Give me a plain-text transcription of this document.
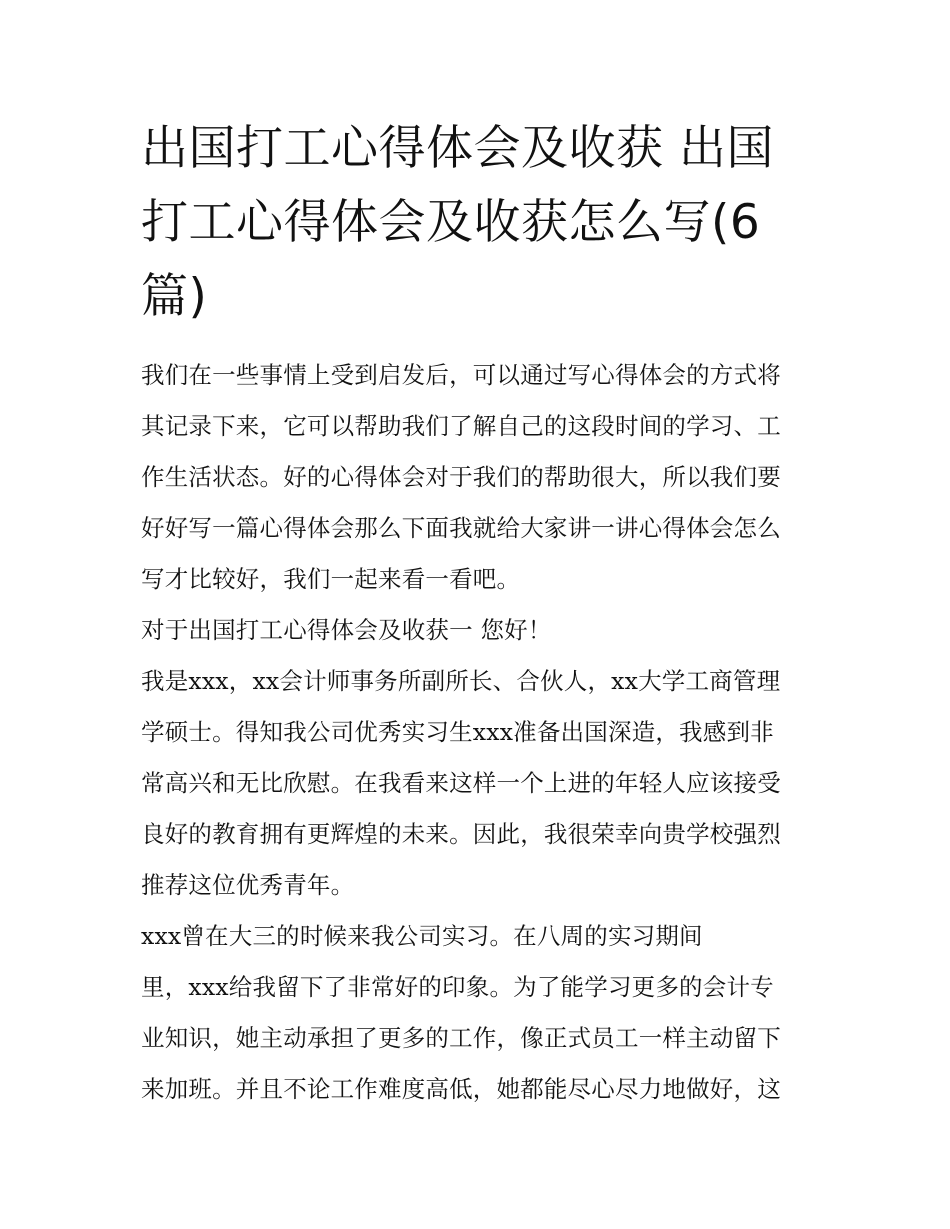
出国打工心得体会及收获 出国
打工心得体会及收获怎么写(6
篇)
我们在一些事情上受到启发后，可以通过写心得体会的方式将
其记录下来，它可以帮助我们了解自己的这段时间的学习、工
作生活状态。好的心得体会对于我们的帮助很大，所以我们要
好好写一篇心得体会那么下面我就给大家讲一讲心得体会怎么
写才比较好，我们一起来看一看吧。
对于出国打工心得体会及收获一 您好！
我是xxx，xx会计师事务所副所长、合伙人，xx大学工商管理
学硕士。得知我公司优秀实习生xxx准备出国深造，我感到非
常高兴和无比欣慰。在我看来这样一个上进的年轻人应该接受
良好的教育拥有更辉煌的未来。因此，我很荣幸向贵学校强烈
推荐这位优秀青年。
xxx曾在大三的时候来我公司实习。在八周的实习期间
里，xxx给我留下了非常好的印象。为了能学习更多的会计专
业知识，她主动承担了更多的工作，像正式员工一样主动留下
来加班。并且不论工作难度高低，她都能尽心尽力地做好，这
